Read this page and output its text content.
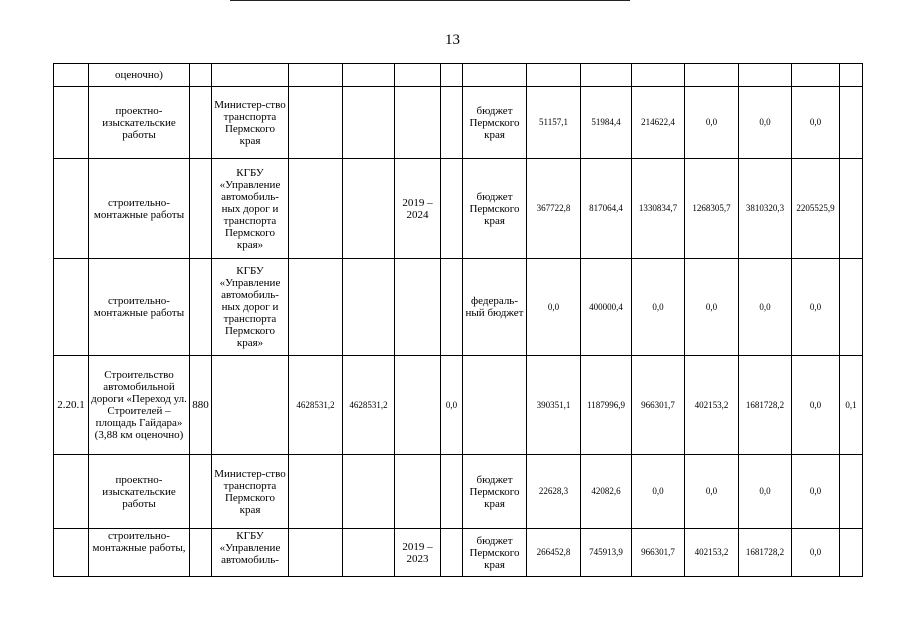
13
	оценочно)														
	проектно-изыскательские работы		Министер-ство транспорта Пермского края					бюджет Пермского края	51157,1	51984,4	214622,4	0,0	0,0	0,0	
	строительно-монтажные работы		КГБУ «Управление автомобиль-ных дорог и транспорта Пермского края»			2019 – 2024		бюджет Пермского края	367722,8	817064,4	1330834,7	1268305,7	3810320,3	2205525,9	
	строительно-монтажные работы		КГБУ «Управление автомобиль-ных дорог и транспорта Пермского края»					федераль-ный бюджет	0,0	400000,4	0,0	0,0	0,0	0,0	
2.20.1	Строительство автомобильной дороги «Переход ул. Строителей – площадь Гайдара» (3,88 км оценочно)	880		4628531,2	4628531,2		0,0		390351,1	1187996,9	966301,7	402153,2	1681728,2	0,0	0,1
	проектно-изыскательские работы		Министер-ство транспорта Пермского края					бюджет Пермского края	22628,3	42082,6	0,0	0,0	0,0	0,0	
	строительно-монтажные работы,		КГБУ «Управление автомобиль-			2019 – 2023		бюджет Пермского края	266452,8	745913,9	966301,7	402153,2	1681728,2	0,0	
